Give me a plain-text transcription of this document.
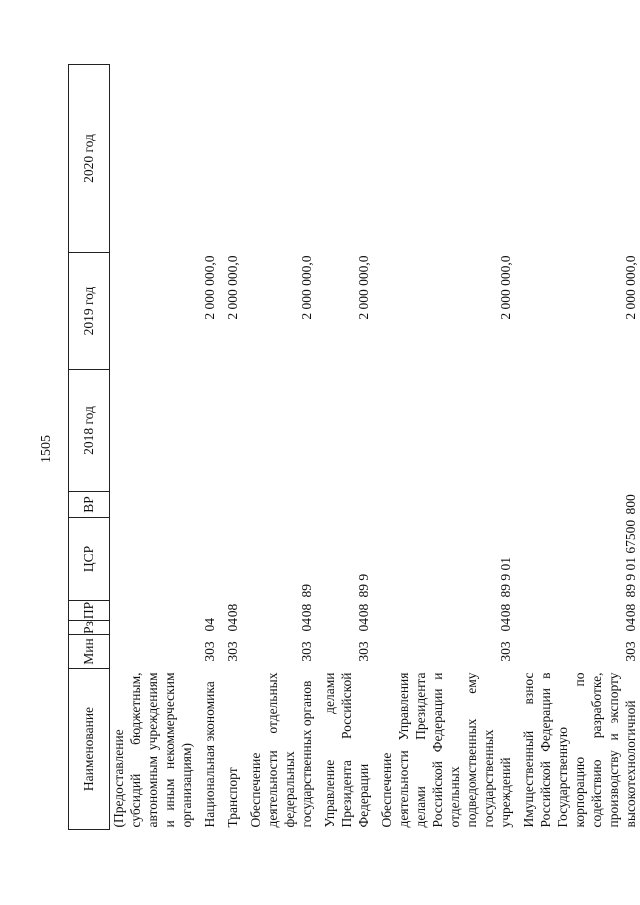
1505
Наименование	Мин	Рз	ПР	ЦСР	ВР	2018 год	2019 год	2020 год
(Предоставление субсидий бюджетным, автономным учреждениям и иным некоммерческим организациям)								

Национальная экономика	303	04					2 000 000,0	

Транспорт	303	04	08				2 000 000,0	

Обеспечение деятельности отдельных федеральных государственных органов	303	04	08	89			2 000 000,0	

Управление делами Президента Российской Федерации	303	04	08	89 9			2 000 000,0	

Обеспечение деятельности Управления делами Президента Российской Федерации и отдельных подведомственных ему государственных учреждений	303	04	08	89 9 01			2 000 000,0	

Имущественный взнос Российской Федерации в Государственную корпорацию по содействию разработке, производству и экспорту высокотехнологичной	303	04	08	89 9 01 67500	800		2 000 000,0	
